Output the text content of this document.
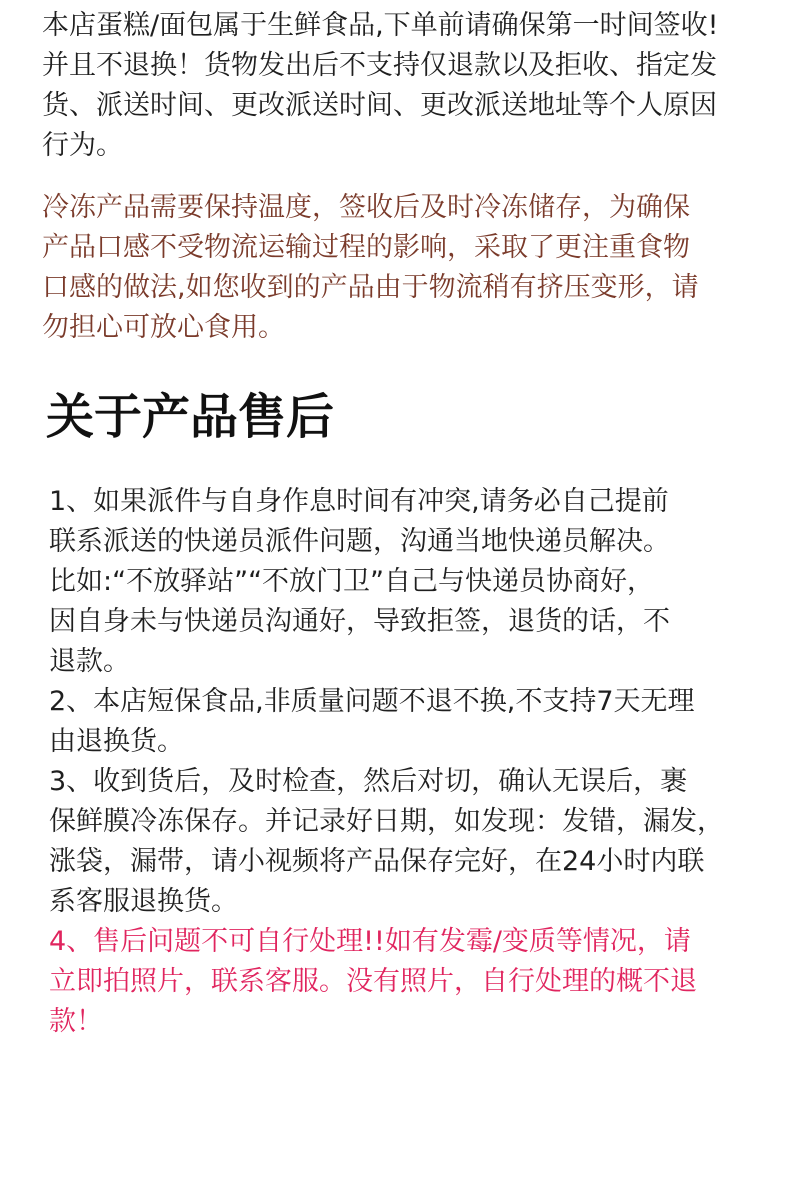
本店蛋糕/面包属于生鲜食品,下单前请确保第一时间签收!
并且不退换！货物发出后不支持仅退款以及拒收、指定发
货、派送时间、更改派送时间、更改派送地址等个人原因
行为。
冷冻产品需要保持温度，签收后及时冷冻储存，为确保
产品口感不受物流运输过程的影响，采取了更注重食物
口感的做法,如您收到的产品由于物流稍有挤压变形，请
勿担心可放心食用。
关于产品售后
1、如果派件与自身作息时间有冲突,请务必自己提前
联系派送的快递员派件问题，沟通当地快递员解决。
比如:“不放驿站”“不放门卫”自己与快递员协商好，
因自身未与快递员沟通好，导致拒签，退货的话，不
退款。
2、本店短保食品,非质量问题不退不换,不支持7天无理
由退换货。
3、收到货后，及时检查，然后对切，确认无误后，裹
保鲜膜冷冻保存。并记录好日期，如发现：发错，漏发，
涨袋，漏带，请小视频将产品保存完好，在24小时内联
系客服退换货。
4、售后问题不可自行处理!!如有发霉/变质等情况，请
立即拍照片，联系客服。没有照片，自行处理的概不退
款！
